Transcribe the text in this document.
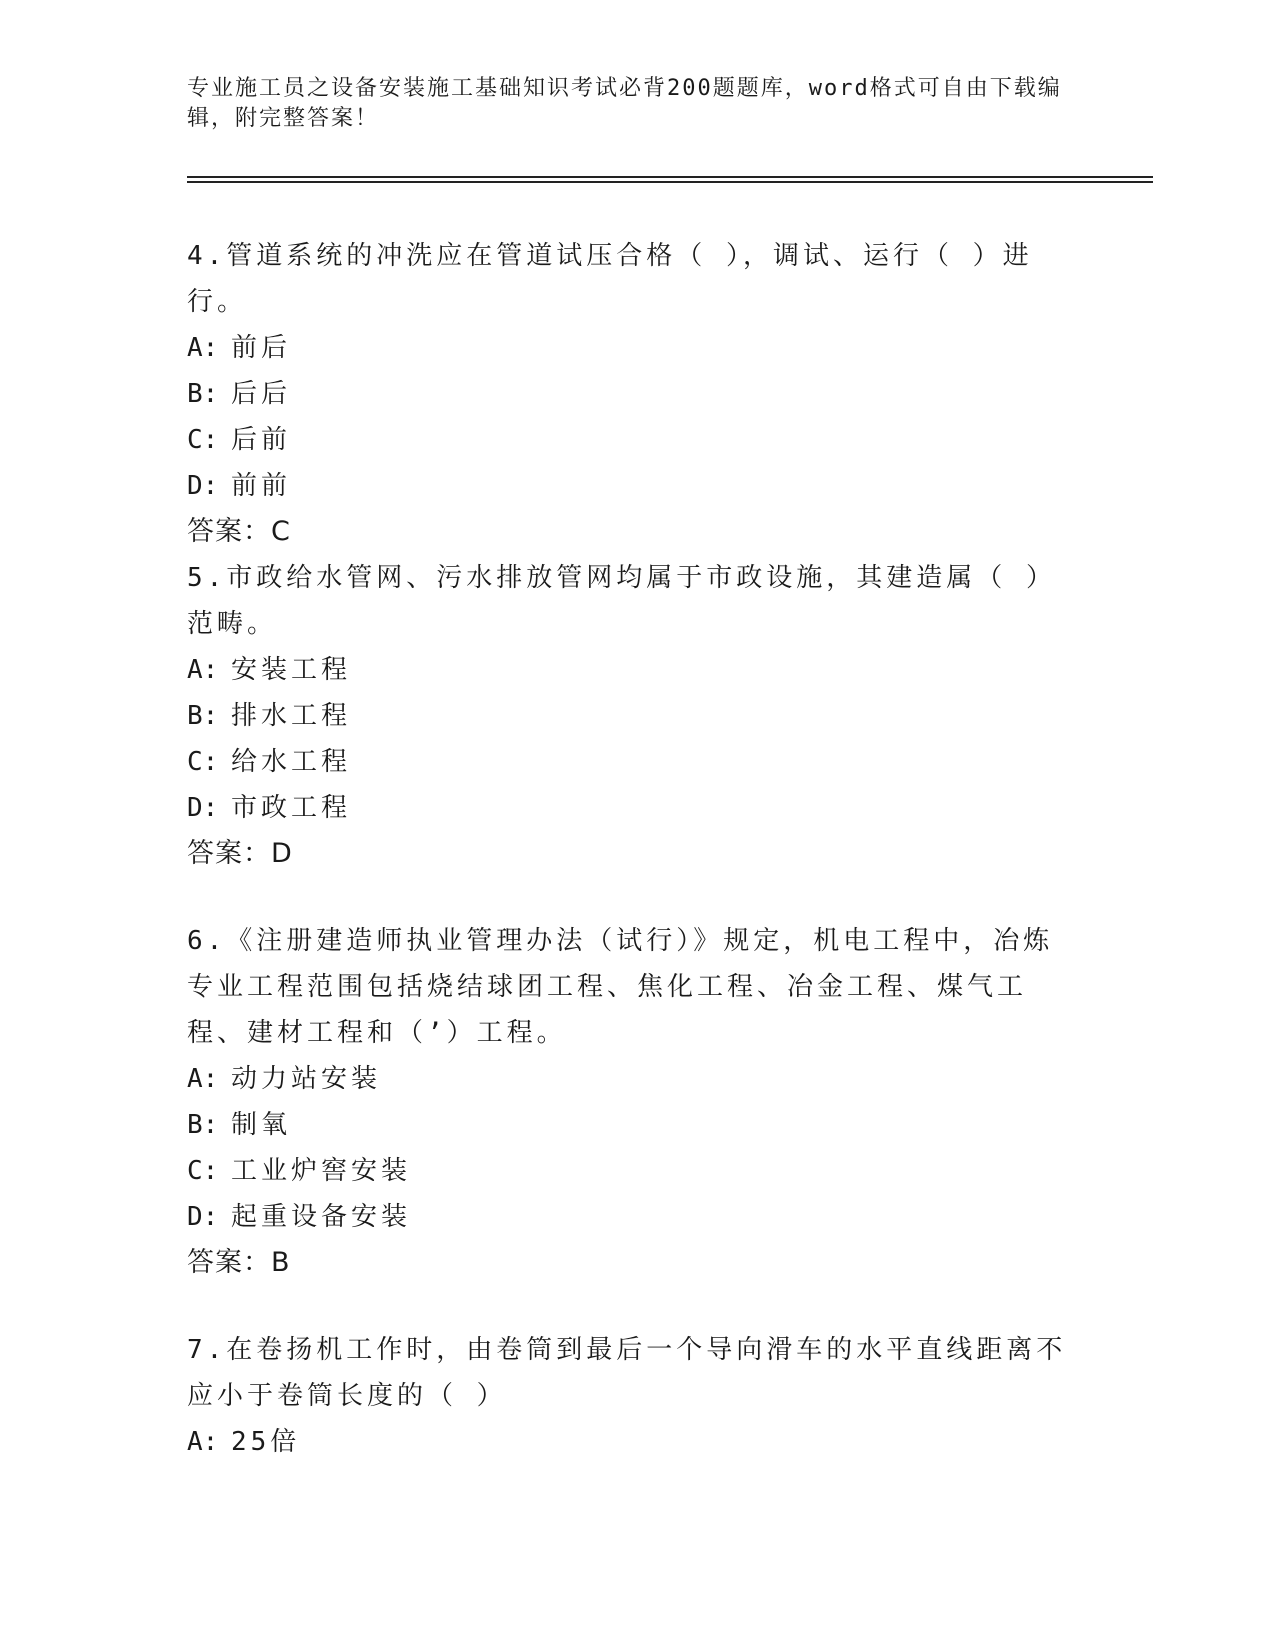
专业施工员之设备安装施工基础知识考试必背200题题库，word格式可自由下载编辑，附完整答案！

4.管道系统的冲洗应在管道试压合格（ ），调试、运行（ ）进行。

A: 前后

B: 后后

C: 后前

D: 前前

答案：C

5.市政给水管网、污水排放管网均属于市政设施，其建造属（ ）范畴。

A: 安装工程

B: 排水工程

C: 给水工程

D: 市政工程

答案：D

6.《注册建造师执业管理办法（试行）》规定，机电工程中，冶炼专业工程范围包括烧结球团工程、焦化工程、冶金工程、煤气工程、建材工程和（’）工程。

A: 动力站安装

B: 制氧

C: 工业炉窖安装

D: 起重设备安装

答案：B

7.在卷扬机工作时，由卷筒到最后一个导向滑车的水平直线距离不应小于卷筒长度的（ ）

A: 25倍
